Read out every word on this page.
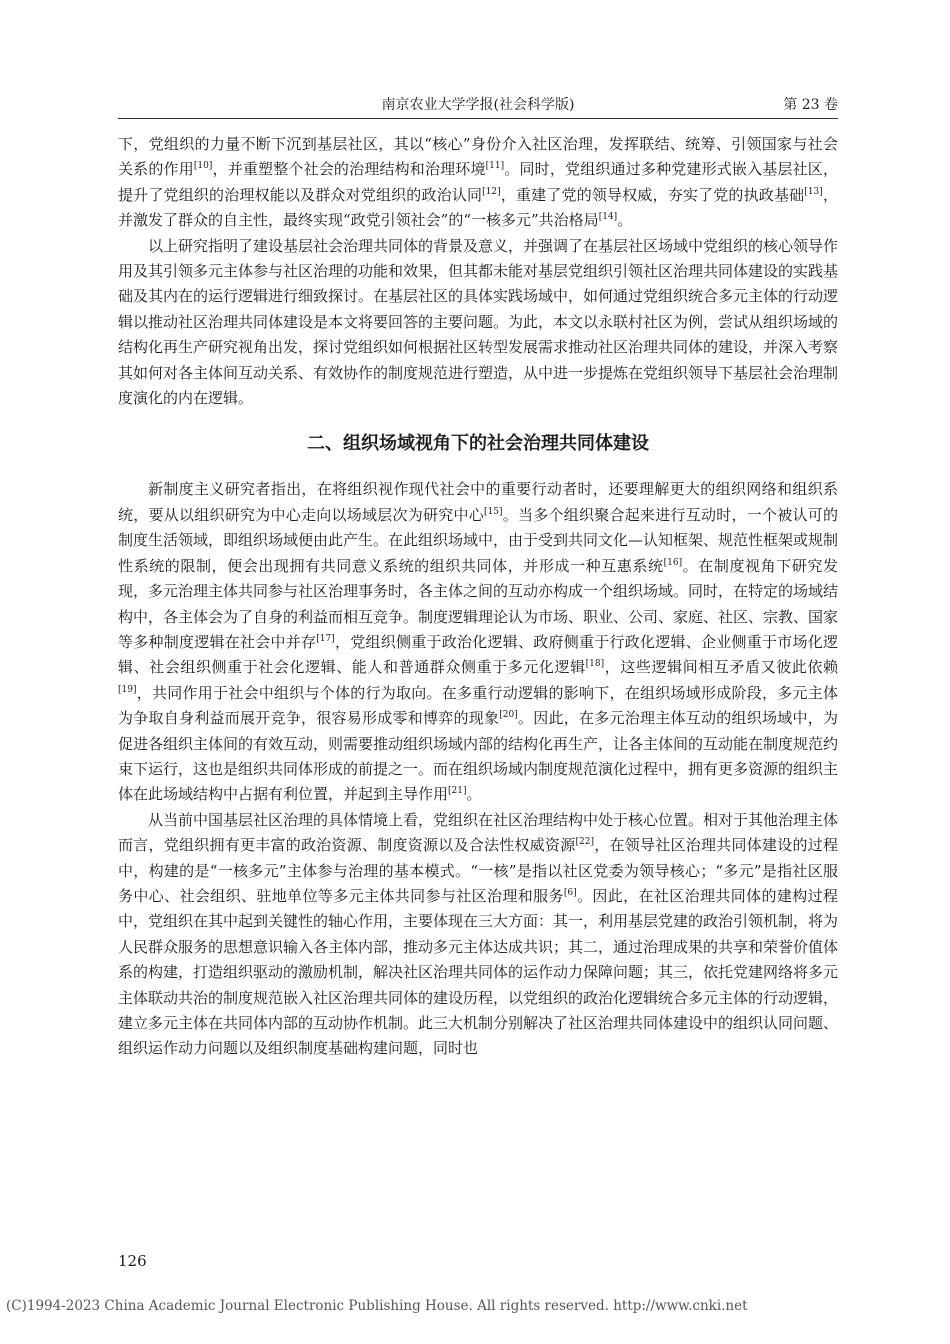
南京农业大学学报(社会科学版)	第 23 卷

下，党组织的力量不断下沉到基层社区，其以“核心”身份介入社区治理，发挥联结、统筹、引领国家与社会关系的作用[10]，并重塑整个社会的治理结构和治理环境[11]。同时，党组织通过多种党建形式嵌入基层社区，提升了党组织的治理权能以及群众对党组织的政治认同[12]，重建了党的领导权威，夯实了党的执政基础[13]，并激发了群众的自主性，最终实现“政党引领社会”的“一核多元”共治格局[14]。

以上研究指明了建设基层社会治理共同体的背景及意义，并强调了在基层社区场域中党组织的核心领导作用及其引领多元主体参与社区治理的功能和效果，但其都未能对基层党组织引领社区治理共同体建设的实践基础及其内在的运行逻辑进行细致探讨。在基层社区的具体实践场域中，如何通过党组织统合多元主体的行动逻辑以推动社区治理共同体建设是本文将要回答的主要问题。为此，本文以永联村社区为例，尝试从组织场域的结构化再生产研究视角出发，探讨党组织如何根据社区转型发展需求推动社区治理共同体的建设，并深入考察其如何对各主体间互动关系、有效协作的制度规范进行塑造，从中进一步提炼在党组织领导下基层社会治理制度演化的内在逻辑。

二、组织场域视角下的社会治理共同体建设

新制度主义研究者指出，在将组织视作现代社会中的重要行动者时，还要理解更大的组织网络和组织系统，要从以组织研究为中心走向以场域层次为研究中心[15]。当多个组织聚合起来进行互动时，一个被认可的制度生活领域，即组织场域便由此产生。在此组织场域中，由于受到共同文化—认知框架、规范性框架或规制性系统的限制，便会出现拥有共同意义系统的组织共同体，并形成一种互惠系统[16]。在制度视角下研究发现，多元治理主体共同参与社区治理事务时，各主体之间的互动亦构成一个组织场域。同时，在特定的场域结构中，各主体会为了自身的利益而相互竞争。制度逻辑理论认为市场、职业、公司、家庭、社区、宗教、国家等多种制度逻辑在社会中并存[17]，党组织侧重于政治化逻辑、政府侧重于行政化逻辑、企业侧重于市场化逻辑、社会组织侧重于社会化逻辑、能人和普通群众侧重于多元化逻辑[18]，这些逻辑间相互矛盾又彼此依赖[19]，共同作用于社会中组织与个体的行为取向。在多重行动逻辑的影响下，在组织场域形成阶段，多元主体为争取自身利益而展开竞争，很容易形成零和博弈的现象[20]。因此，在多元治理主体互动的组织场域中，为促进各组织主体间的有效互动，则需要推动组织场域内部的结构化再生产，让各主体间的互动能在制度规范约束下运行，这也是组织共同体形成的前提之一。而在组织场域内制度规范演化过程中，拥有更多资源的组织主体在此场域结构中占据有利位置，并起到主导作用[21]。

从当前中国基层社区治理的具体情境上看，党组织在社区治理结构中处于核心位置。相对于其他治理主体而言，党组织拥有更丰富的政治资源、制度资源以及合法性权威资源[22]，在领导社区治理共同体建设的过程中，构建的是“一核多元”主体参与治理的基本模式。“一核”是指以社区党委为领导核心；“多元”是指社区服务中心、社会组织、驻地单位等多元主体共同参与社区治理和服务[6]。因此，在社区治理共同体的建构过程中，党组织在其中起到关键性的轴心作用，主要体现在三大方面：其一，利用基层党建的政治引领机制，将为人民群众服务的思想意识输入各主体内部，推动多元主体达成共识；其二，通过治理成果的共享和荣誉价值体系的构建，打造组织驱动的激励机制，解决社区治理共同体的运作动力保障问题；其三，依托党建网络将多元主体联动共治的制度规范嵌入社区治理共同体的建设历程，以党组织的政治化逻辑统合多元主体的行动逻辑，建立多元主体在共同体内部的互动协作机制。此三大机制分别解决了社区治理共同体建设中的组织认同问题、组织运作动力问题以及组织制度基础构建问题，同时也

126
(C)1994-2023 China Academic Journal Electronic Publishing House. All rights reserved. http://www.cnki.net
